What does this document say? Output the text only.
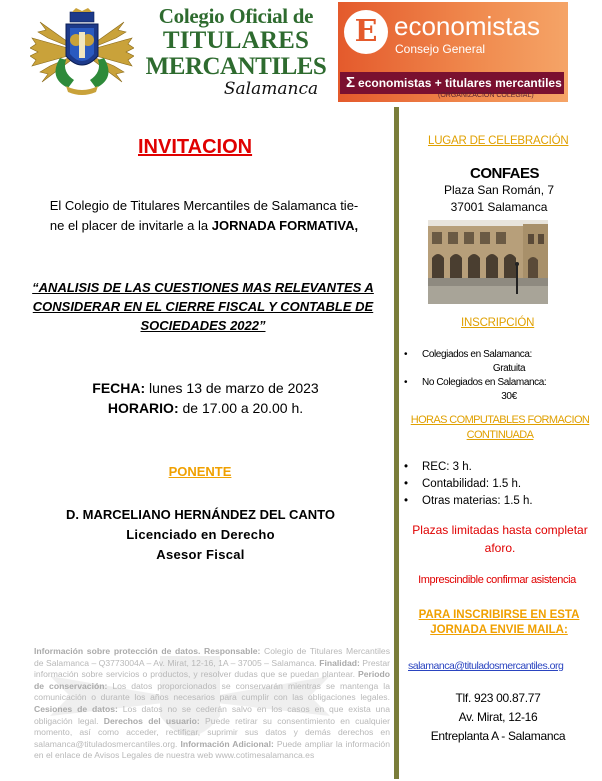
Colegio Oficial de
TITULARES
MERCANTILES
Salamanca
E economistas
Consejo General
Σ economistas + titulares mercantiles
(ORGANIZACIÓN COLEGIAL)
INVITACION
El Colegio de Titulares Mercantiles de Salamanca tie-
ne el placer de invitarle a la JORNADA FORMATIVA,
“ANALISIS DE LAS CUESTIONES MAS RELEVANTES A CONSIDERAR EN EL CIERRE FISCAL Y CONTABLE DE SOCIEDADES 2022”
FECHA: lunes 13 de marzo de 2023
HORARIO: de 17.00 a 20.00 h.
PONENTE
D. MARCELIANO HERNÁNDEZ DEL CANTO
Licenciado en Derecho
Asesor Fiscal
Información sobre protección de datos. Responsable: Colegio de Titulares Mercantiles de Salamanca – Q3773004A – Av. Mirat, 12-16, 1A – 37005 – Salamanca. Finalidad: Prestar información sobre servicios o productos, y resolver dudas que se puedan plantear. Periodo de conservación: Los datos proporcionados se conservarán mientras se mantenga la comunicación o durante los años necesarios para cumplir con las obligaciones legales. Cesiones de datos: Los datos no se cederán salvo en los casos en que exista una obligación legal. Derechos del usuario: Puede retirar su consentimiento en cualquier momento, así como acceder, rectificar, suprimir sus datos y demás derechos en salamanca@tituladosmercantiles.org. Información Adicional: Puede ampliar la información en el enlace de Avisos Legales de nuestra web www.cotimesalamanca.es
LUGAR DE CELEBRACIÓN
CONFAES
Plaza San Román, 7
37001 Salamanca
INSCRIPCIÓN
• Colegiados en Salamanca:
Gratuita
• No Colegiados en Salamanca:
30€
HORAS COMPUTABLES FORMACION CONTINUADA
• REC: 3 h.
• Contabilidad: 1.5 h.
• Otras materias: 1.5 h.
Plazas limitadas hasta completar aforo.
Imprescindible confirmar asistencia
PARA INSCRIBIRSE EN ESTA JORNADA ENVIE MAILA:
salamanca@tituladosmercantiles.org
Tlf. 923 00.87.77
Av. Mirat, 12-16
Entreplanta A - Salamanca
